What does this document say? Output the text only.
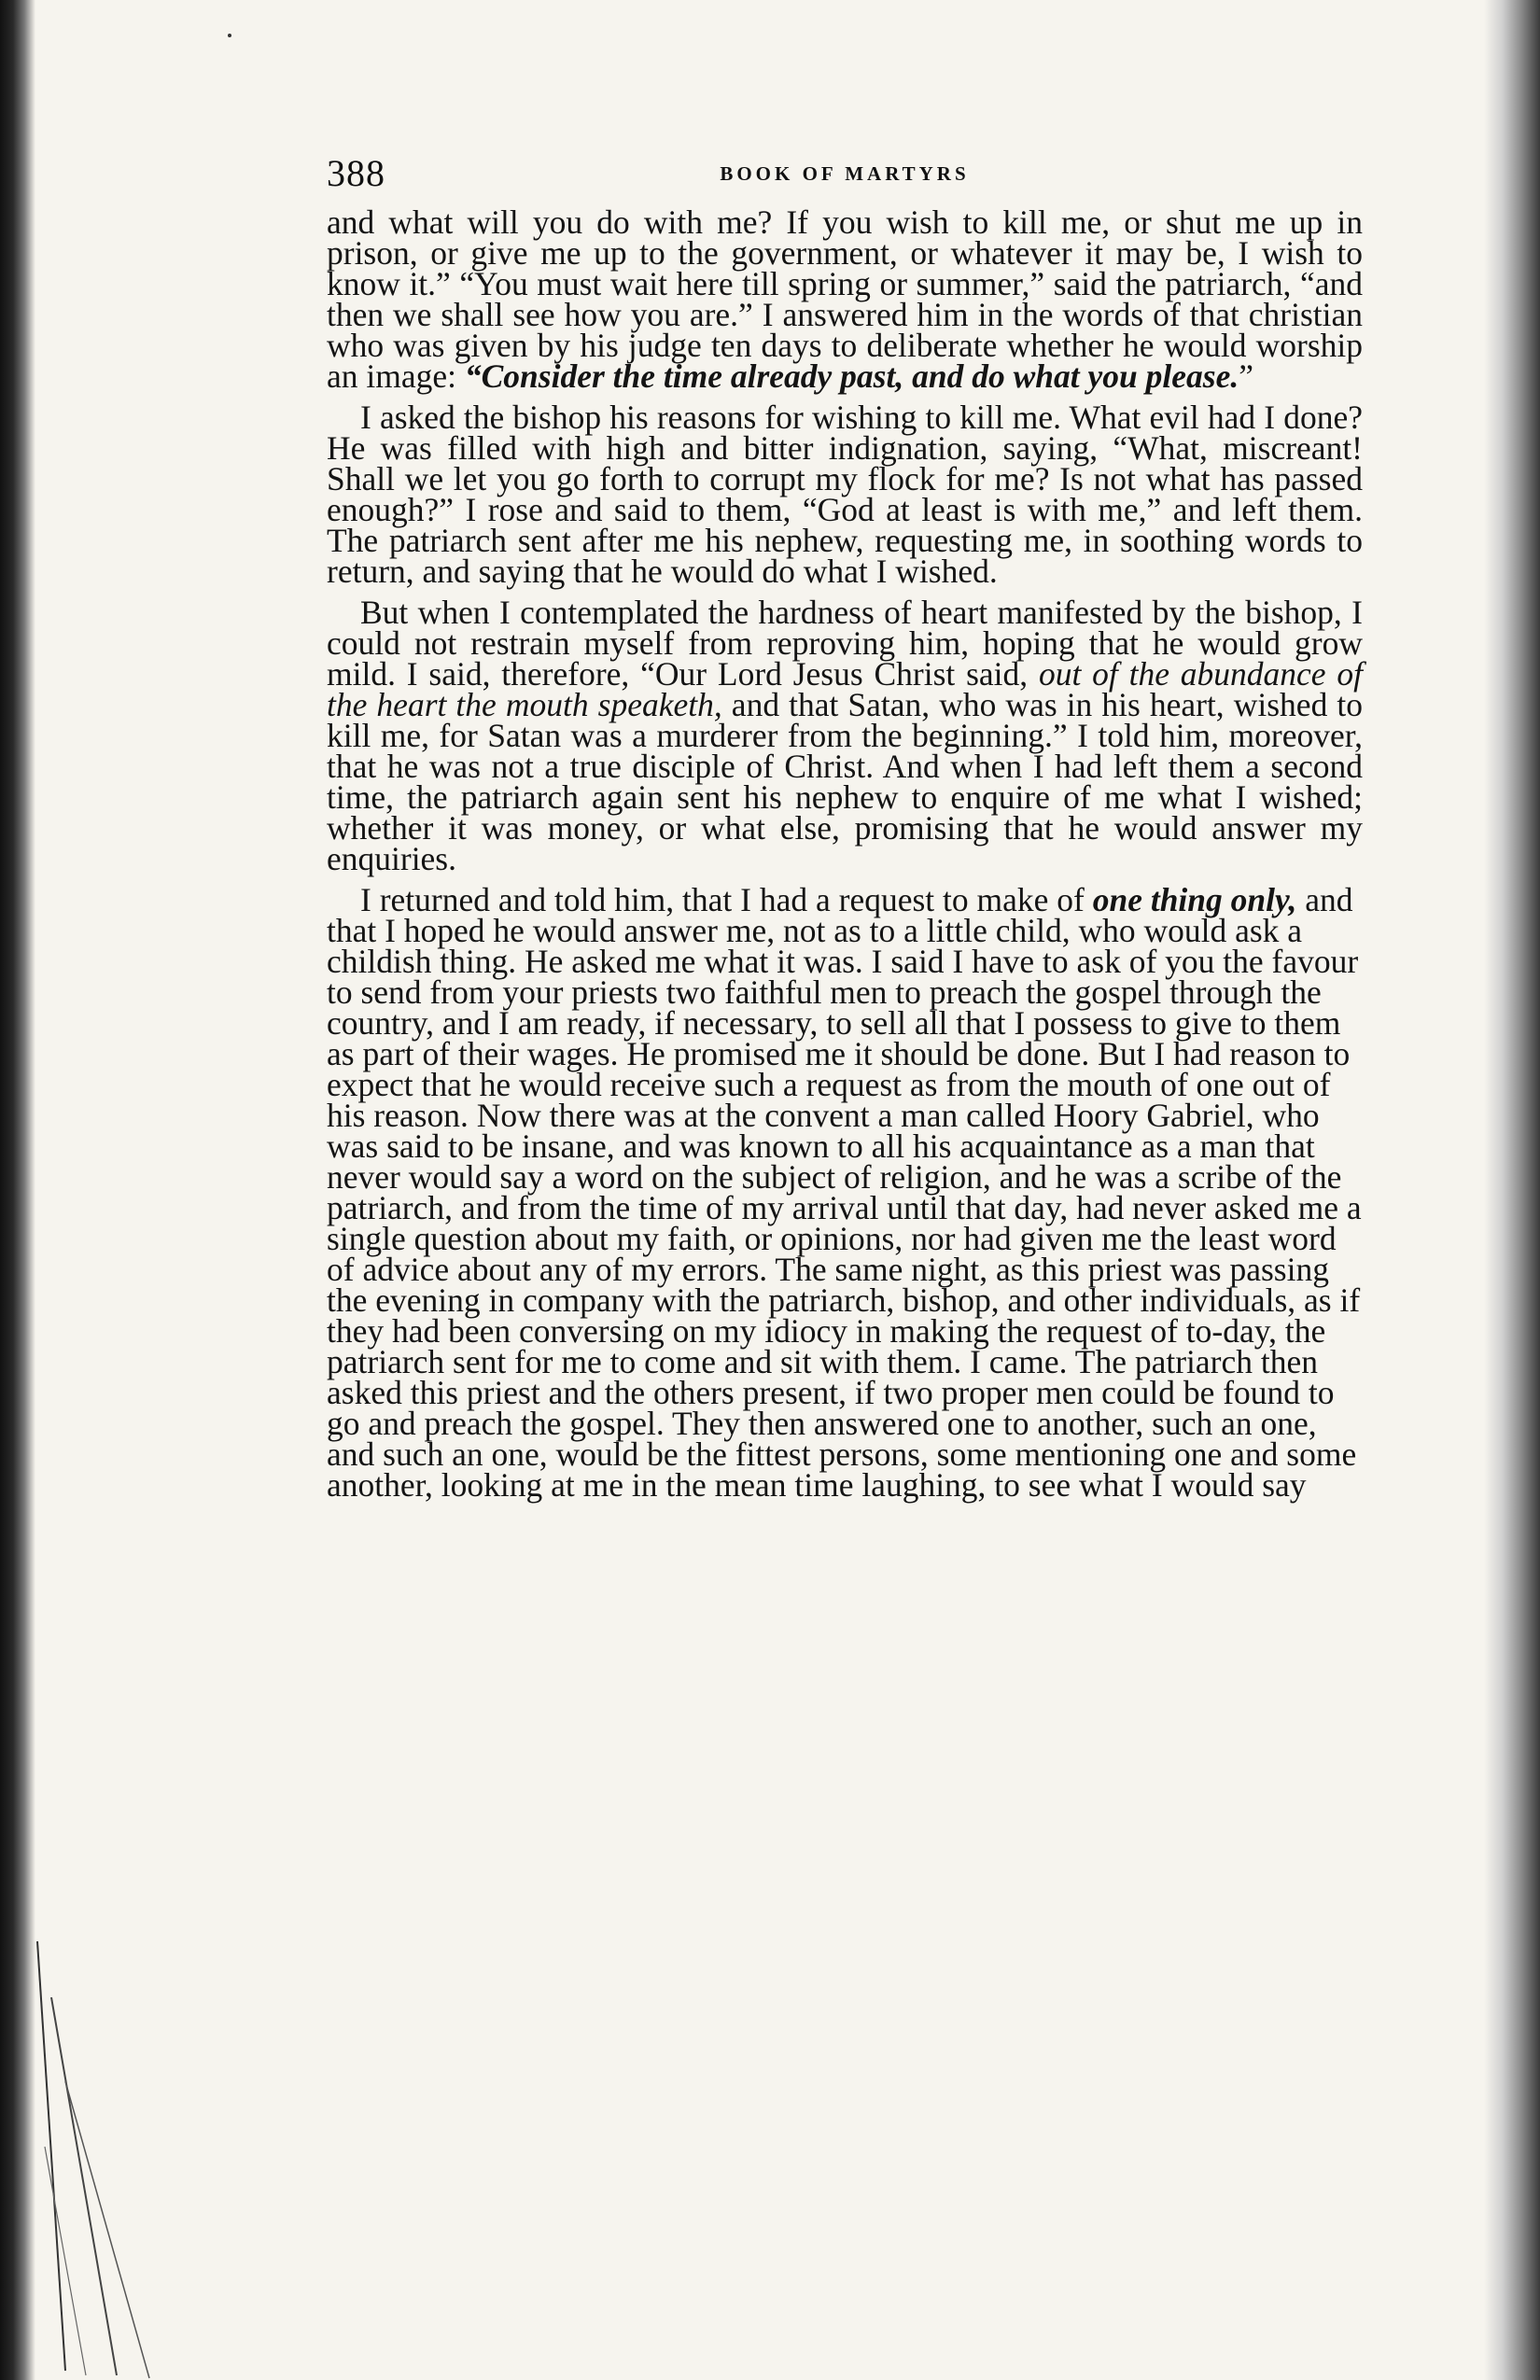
388	BOOK OF MARTYRS

and what will you do with me? If you wish to kill me, or shut me up in prison, or give me up to the government, or whatever it may be, I wish to know it.” “You must wait here till spring or summer,” said the patriarch, “and then we shall see how you are.” I answered him in the words of that christian who was given by his judge ten days to deliberate whether he would worship an image: “Consider the time already past, and do what you please.”

I asked the bishop his reasons for wishing to kill me. What evil had I done? He was filled with high and bitter indignation, saying, “What, miscreant! Shall we let you go forth to corrupt my flock for me? Is not what has passed enough?” I rose and said to them, “God at least is with me,” and left them. The patriarch sent after me his nephew, requesting me, in soothing words to return, and saying that he would do what I wished.

But when I contemplated the hardness of heart manifested by the bishop, I could not restrain myself from reproving him, hoping that he would grow mild. I said, therefore, “Our Lord Jesus Christ said, out of the abundance of the heart the mouth speaketh, and that Satan, who was in his heart, wished to kill me, for Satan was a murderer from the beginning.” I told him, moreover, that he was not a true disciple of Christ. And when I had left them a second time, the patriarch again sent his nephew to enquire of me what I wished; whether it was money, or what else, promising that he would answer my enquiries.

I returned and told him, that I had a request to make of one thing only, and that I hoped he would answer me, not as to a little child, who would ask a childish thing. He asked me what it was. I said I have to ask of you the favour to send from your priests two faithful men to preach the gospel through the country, and I am ready, if necessary, to sell all that I possess to give to them as part of their wages. He promised me it should be done. But I had reason to expect that he would receive such a request as from the mouth of one out of his reason. Now there was at the convent a man called Hoory Gabriel, who was said to be insane, and was known to all his acquaintance as a man that never would say a word on the subject of religion, and he was a scribe of the patriarch, and from the time of my arrival until that day, had never asked me a single question about my faith, or opinions, nor had given me the least word of advice about any of my errors. The same night, as this priest was passing the evening in company with the patriarch, bishop, and other individuals, as if they had been conversing on my idiocy in making the request of to-day, the patriarch sent for me to come and sit with them. I came. The patriarch then asked this priest and the others present, if two proper men could be found to go and preach the gospel. They then answered one to another, such an one, and such an one, would be the fittest persons, some mentioning one and some another, looking at me in the mean time laughing, to see what I would say
